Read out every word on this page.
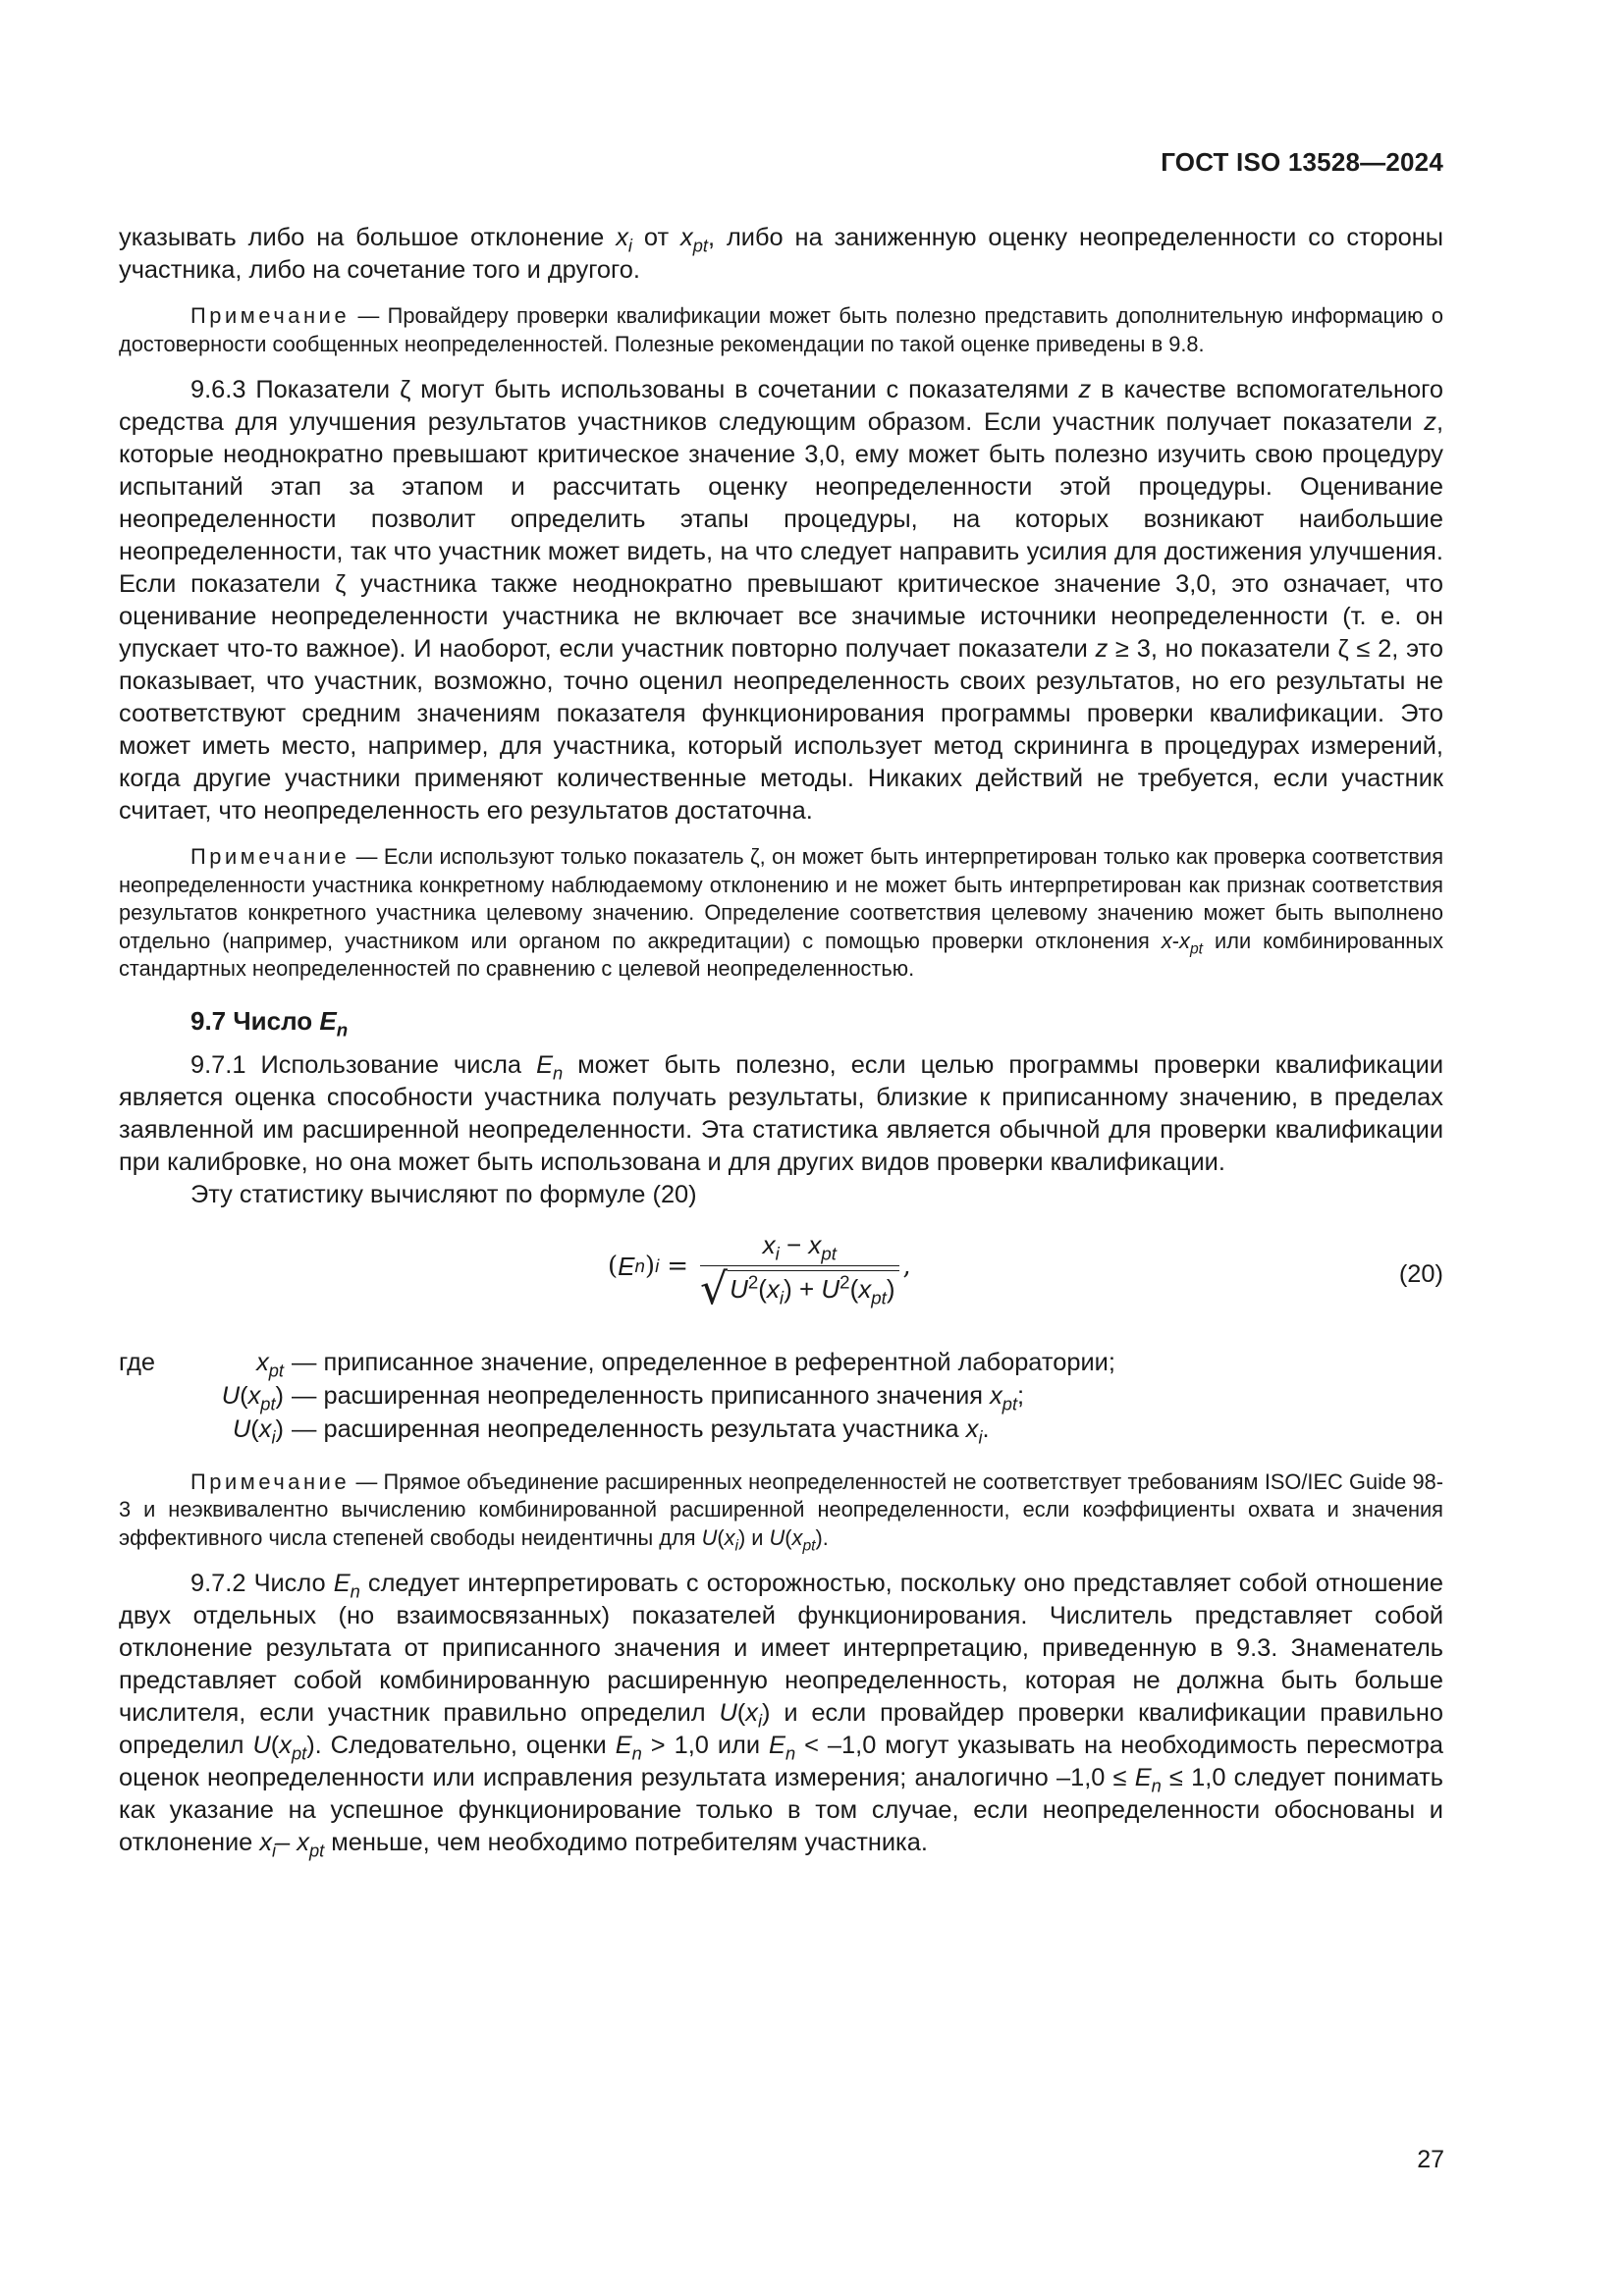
ГОСТ ISO 13528—2024

указывать либо на большое отклонение $x_i$ от $x_{pt}$, либо на заниженную оценку неопределенности со стороны участника, либо на сочетание того и другого.

Примечание — Провайдеру проверки квалификации может быть полезно представить дополнительную информацию о достоверности сообщенных неопределенностей. Полезные рекомендации по такой оценке приведены в 9.8.

9.6.3 Показатели ζ могут быть использованы в сочетании с показателями z в качестве вспомогательного средства для улучшения результатов участников следующим образом. Если участник получает показатели z, которые неоднократно превышают критическое значение 3,0, ему может быть полезно изучить свою процедуру испытаний этап за этапом и рассчитать оценку неопределенности этой процедуры. Оценивание неопределенности позволит определить этапы процедуры, на которых возникают наибольшие неопределенности, так что участник может видеть, на что следует направить усилия для достижения улучшения. Если показатели ζ участника также неоднократно превышают критическое значение 3,0, это означает, что оценивание неопределенности участника не включает все значимые источники неопределенности (т. е. он упускает что-то важное). И наоборот, если участник повторно получает показатели z ≥ 3, но показатели ζ ≤ 2, это показывает, что участник, возможно, точно оценил неопределенность своих результатов, но его результаты не соответствуют средним значениям показателя функционирования программы проверки квалификации. Это может иметь место, например, для участника, который использует метод скрининга в процедурах измерений, когда другие участники применяют количественные методы. Никаких действий не требуется, если участник считает, что неопределенность его результатов достаточна.

Примечание — Если используют только показатель ζ, он может быть интерпретирован только как проверка соответствия неопределенности участника конкретному наблюдаемому отклонению и не может быть интерпретирован как признак соответствия результатов конкретного участника целевому значению. Определение соответствия целевому значению может быть выполнено отдельно (например, участником или органом по аккредитации) с помощью проверки отклонения $x-x_{pt}$ или комбинированных стандартных неопределенностей по сравнению с целевой неопределенностью.

9.7 Число $E_n$

9.7.1 Использование числа $E_n$ может быть полезно, если целью программы проверки квалификации является оценка способности участника получать результаты, близкие к приписанному значению, в пределах заявленной им расширенной неопределенности. Эта статистика является обычной для проверки квалификации при калибровке, но она может быть использована и для других видов проверки квалификации.

Эту статистику вычисляют по формуле (20)

( E n ) $i = \frac{x_i - x_{pt}}{√U^2(x_i) + U^2(x_{pt})}$ ,	(20)
где	$x_{pt}$ — приписанное значение, определенное в референтной лаборатории;
$U(x_{pt})$ — расширенная неопределенность приписанного значения $x_{pt}$;
$U(x_i)$ — расширенная неопределенность результата участника $x_i$.

Примечание — Прямое объединение расширенных неопределенностей не соответствует требованиям ISO/IEC Guide 98-3 и неэквивалентно вычислению комбинированной расширенной неопределенности, если коэффициенты охвата и значения эффективного числа степеней свободы неидентичны для $U(x_i)$ и $U(x_{pt})$.

9.7.2 Число $E_n$ следует интерпретировать с осторожностью, поскольку оно представляет собой отношение двух отдельных (но взаимосвязанных) показателей функционирования. Числитель представляет собой отклонение результата от приписанного значения и имеет интерпретацию, приведенную в 9.3. Знаменатель представляет собой комбинированную расширенную неопределенность, которая не должна быть больше числителя, если участник правильно определил $U(x_i)$ и если провайдер проверки квалификации правильно определил $U(x_{pt})$. Следовательно, оценки $E_n > 1,0$ или $E_n < -1,0$ могут указывать на необходимость пересмотра оценок неопределенности или исправления результата измерения; аналогично $-1,0 \le E_n \le 1,0$ следует понимать как указание на успешное функционирование только в том случае, если неопределенности обоснованы и отклонение $x_i-$ $x_{pt}$ меньше, чем необходимо потребителям участника.

27
